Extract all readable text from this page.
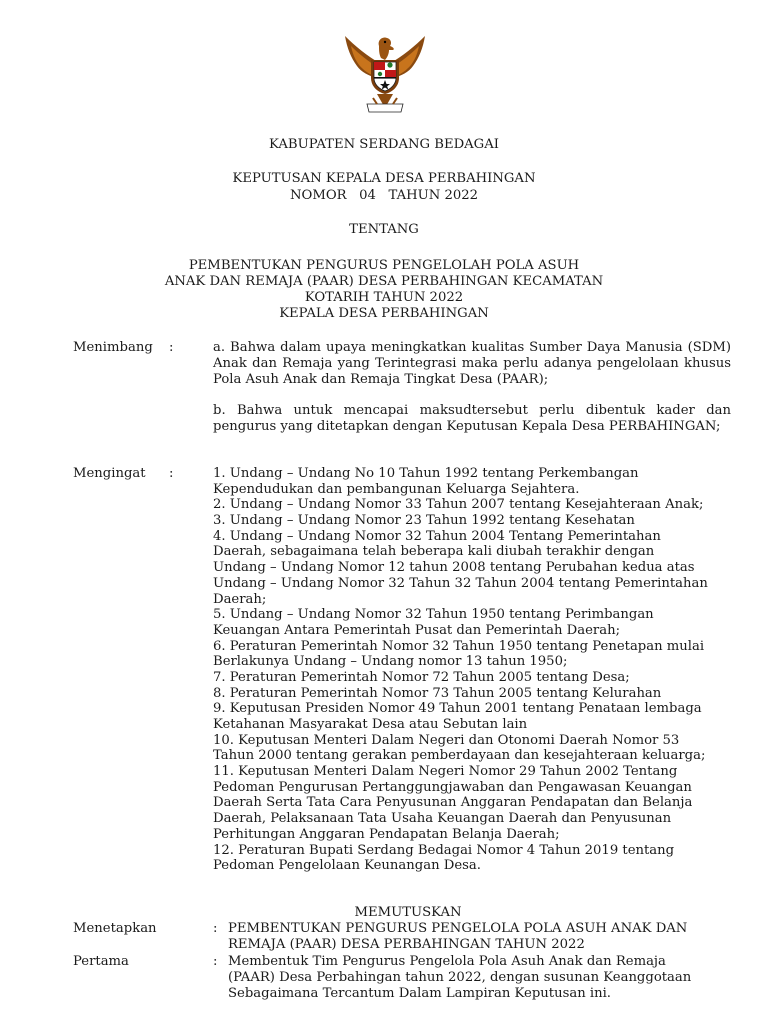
KABUPATEN SERDANG BEDAGAI
KEPUTUSAN KEPALA DESA PERBAHINGAN
NOMOR   04   TAHUN 2022
TENTANG
PEMBENTUKAN PENGURUS PENGELOLAH POLA ASUH
ANAK DAN REMAJA (PAAR) DESA PERBAHINGAN KECAMATAN
KOTARIH TAHUN 2022
KEPALA DESA PERBAHINGAN
Menimbang :	a. Bahwa dalam upaya meningkatkan kualitas Sumber Daya Manusia (SDM) Anak dan Remaja yang Terintegrasi maka perlu adanya pengelolaan khusus Pola Asuh Anak dan Remaja Tingkat Desa (PAAR);
b. Bahwa untuk mencapai maksudtersebut perlu dibentuk kader dan pengurus yang ditetapkan dengan Keputusan Kepala Desa PERBAHINGAN;
Mengingat :	1. Undang – Undang No 10 Tahun 1992 tentang Perkembangan
Kependudukan dan pembangunan Keluarga Sejahtera.
2. Undang – Undang Nomor 33 Tahun 2007 tentang Kesejahteraan Anak;
3. Undang – Undang Nomor 23 Tahun 1992 tentang Kesehatan
4. Undang – Undang Nomor 32 Tahun 2004 Tentang Pemerintahan
Daerah, sebagaimana telah beberapa kali diubah terakhir dengan
Undang – Undang Nomor 12 tahun 2008 tentang Perubahan kedua atas
Undang – Undang Nomor 32 Tahun 32 Tahun 2004 tentang Pemerintahan
Daerah;
5. Undang – Undang Nomor 32 Tahun 1950 tentang Perimbangan
Keuangan Antara Pemerintah Pusat dan Pemerintah Daerah;
6. Peraturan Pemerintah Nomor 32 Tahun 1950 tentang Penetapan mulai
Berlakunya Undang – Undang nomor 13 tahun 1950;
7. Peraturan Pemerintah Nomor 72 Tahun 2005 tentang Desa;
8. Peraturan Pemerintah Nomor 73 Tahun 2005 tentang Kelurahan
9. Keputusan Presiden Nomor 49 Tahun 2001 tentang Penataan lembaga
Ketahanan Masyarakat Desa atau Sebutan lain
10. Keputusan Menteri Dalam Negeri dan Otonomi Daerah Nomor 53
Tahun 2000 tentang gerakan pemberdayaan dan kesejahteraan keluarga;
11. Keputusan Menteri Dalam Negeri Nomor 29 Tahun 2002 Tentang
Pedoman Pengurusan Pertanggungjawaban dan Pengawasan Keuangan
Daerah Serta Tata Cara Penyusunan Anggaran Pendapatan dan Belanja
Daerah, Pelaksanaan Tata Usaha Keuangan Daerah dan Penyusunan
Perhitungan Anggaran Pendapatan Belanja Daerah;
12. Peraturan Bupati Serdang Bedagai Nomor 4 Tahun 2019 tentang
Pedoman Pengelolaan Keunangan Desa.
MEMUTUSKAN
Menetapkan	: PEMBENTUKAN PENGURUS PENGELOLA POLA ASUH ANAK DAN
REMAJA (PAAR) DESA PERBAHINGAN TAHUN 2022
Pertama	: Membentuk Tim Pengurus Pengelola Pola Asuh Anak dan Remaja
(PAAR) Desa Perbahingan tahun 2022, dengan susunan Keanggotaan
Sebagaimana Tercantum Dalam Lampiran Keputusan ini.
